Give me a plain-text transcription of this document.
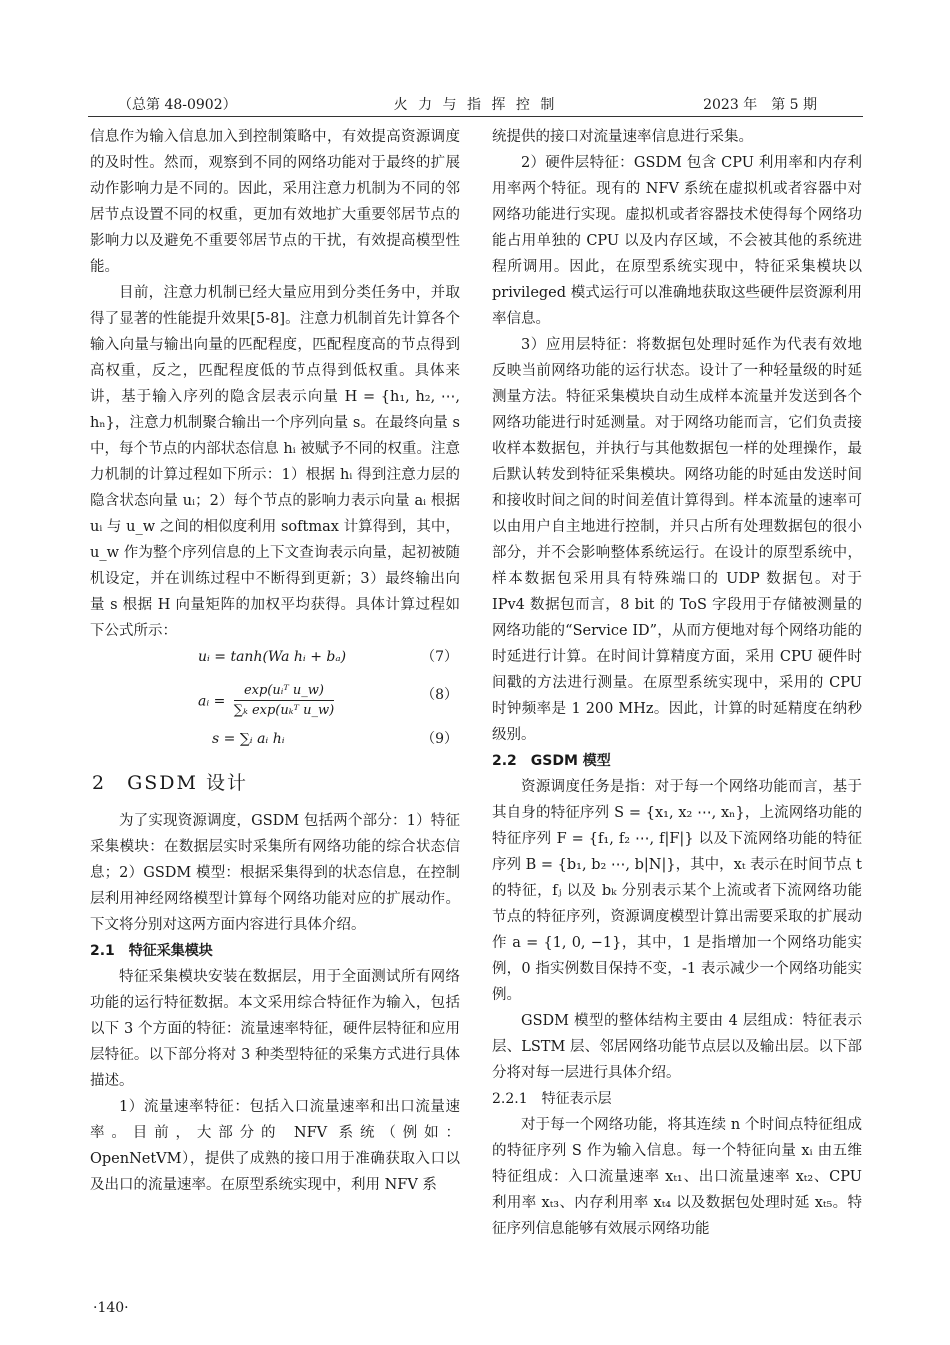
（总第 48-0902）	火 力 与 指 挥 控 制	2023 年　第 5 期

信息作为输入信息加入到控制策略中，有效提高资源调度的及时性。然而，观察到不同的网络功能对于最终的扩展动作影响力是不同的。因此，采用注意力机制为不同的邻居节点设置不同的权重，更加有效地扩大重要邻居节点的影响力以及避免不重要邻居节点的干扰，有效提高模型性能。

目前，注意力机制已经大量应用到分类任务中，并取得了显著的性能提升效果[5-8]。注意力机制首先计算各个输入向量与输出向量的匹配程度，匹配程度高的节点得到高权重，反之，匹配程度低的节点得到低权重。具体来讲，基于输入序列的隐含层表示向量 H = {h₁, h₂, ⋯, hₙ}，注意力机制聚合输出一个序列向量 s。在最终向量 s 中，每个节点的内部状态信息 hᵢ 被赋予不同的权重。注意力机制的计算过程如下所示：1）根据 hᵢ 得到注意力层的隐含状态向量 uᵢ；2）每个节点的影响力表示向量 aᵢ 根据 uᵢ 与 u_w 之间的相似度利用 softmax 计算得到，其中，u_w 作为整个序列信息的上下文查询表示向量，起初被随机设定，并在训练过程中不断得到更新；3）最终输出向量 s 根据 H 向量矩阵的加权平均获得。具体计算过程如下公式所示：

uᵢ = tanh(Wa hᵢ + bₐ)	（7）
aᵢ = $\frac{\text{exp(uᵢᵀ u\_w)}}{\text{∑ₖ exp(uₖᵀ u\_w)}}$	（8）
s = ∑ᵢ aᵢ hᵢ	（9）
2　GSDM 设计

为了实现资源调度，GSDM 包括两个部分：1）特征采集模块：在数据层实时采集所有网络功能的综合状态信息；2）GSDM 模型：根据采集得到的状态信息，在控制层利用神经网络模型计算每个网络功能对应的扩展动作。下文将分别对这两方面内容进行具体介绍。

2.1　特征采集模块

特征采集模块安装在数据层，用于全面测试所有网络功能的运行特征数据。本文采用综合特征作为输入，包括以下 3 个方面的特征：流量速率特征，硬件层特征和应用层特征。以下部分将对 3 种类型特征的采集方式进行具体描述。

1）流量速率特征：包括入口流量速率和出口流量速率。目前，大部分的 NFV 系统（例如：OpenNetVM），提供了成熟的接口用于准确获取入口以及出口的流量速率。在原型系统实现中，利用 NFV 系

统提供的接口对流量速率信息进行采集。

2）硬件层特征：GSDM 包含 CPU 利用率和内存利用率两个特征。现有的 NFV 系统在虚拟机或者容器中对网络功能进行实现。虚拟机或者容器技术使得每个网络功能占用单独的 CPU 以及内存区域，不会被其他的系统进程所调用。因此，在原型系统实现中，特征采集模块以 privileged 模式运行可以准确地获取这些硬件层资源利用率信息。

3）应用层特征：将数据包处理时延作为代表有效地反映当前网络功能的运行状态。设计了一种轻量级的时延测量方法。特征采集模块自动生成样本流量并发送到各个网络功能进行时延测量。对于网络功能而言，它们负责接收样本数据包，并执行与其他数据包一样的处理操作，最后默认转发到特征采集模块。网络功能的时延由发送时间和接收时间之间的时间差值计算得到。样本流量的速率可以由用户自主地进行控制，并只占所有处理数据包的很小部分，并不会影响整体系统运行。在设计的原型系统中，样本数据包采用具有特殊端口的 UDP 数据包。对于 IPv4 数据包而言，8 bit 的 ToS 字段用于存储被测量的网络功能的“Service ID”，从而方便地对每个网络功能的时延进行计算。在时间计算精度方面，采用 CPU 硬件时间戳的方法进行测量。在原型系统实现中，采用的 CPU 时钟频率是 1 200 MHz。因此，计算的时延精度在纳秒级别。

2.2　GSDM 模型

资源调度任务是指：对于每一个网络功能而言，基于其自身的特征序列 S = {x₁, x₂ ⋯, xₙ}，上流网络功能的特征序列 F = {f₁, f₂ ⋯, f|F|} 以及下流网络功能的特征序列 B = {b₁, b₂ ⋯, b|N|}，其中，xₜ 表示在时间节点 t 的特征，fⱼ 以及 bₖ 分别表示某个上流或者下流网络功能节点的特征序列，资源调度模型计算出需要采取的扩展动作 a = {1, 0, −1}，其中，1 是指增加一个网络功能实例，0 指实例数目保持不变，-1 表示减少一个网络功能实例。

GSDM 模型的整体结构主要由 4 层组成：特征表示层、LSTM 层、邻居网络功能节点层以及输出层。以下部分将对每一层进行具体介绍。

2.2.1　特征表示层

对于每一个网络功能，将其连续 n 个时间点特征组成的特征序列 S 作为输入信息。每一个特征向量 xᵢ 由五维特征组成：入口流量速率 xₜ₁、出口流量速率 xₜ₂、CPU 利用率 xₜ₃、内存利用率 xₜ₄ 以及数据包处理时延 xₜ₅。特征序列信息能够有效展示网络功能

·140·
